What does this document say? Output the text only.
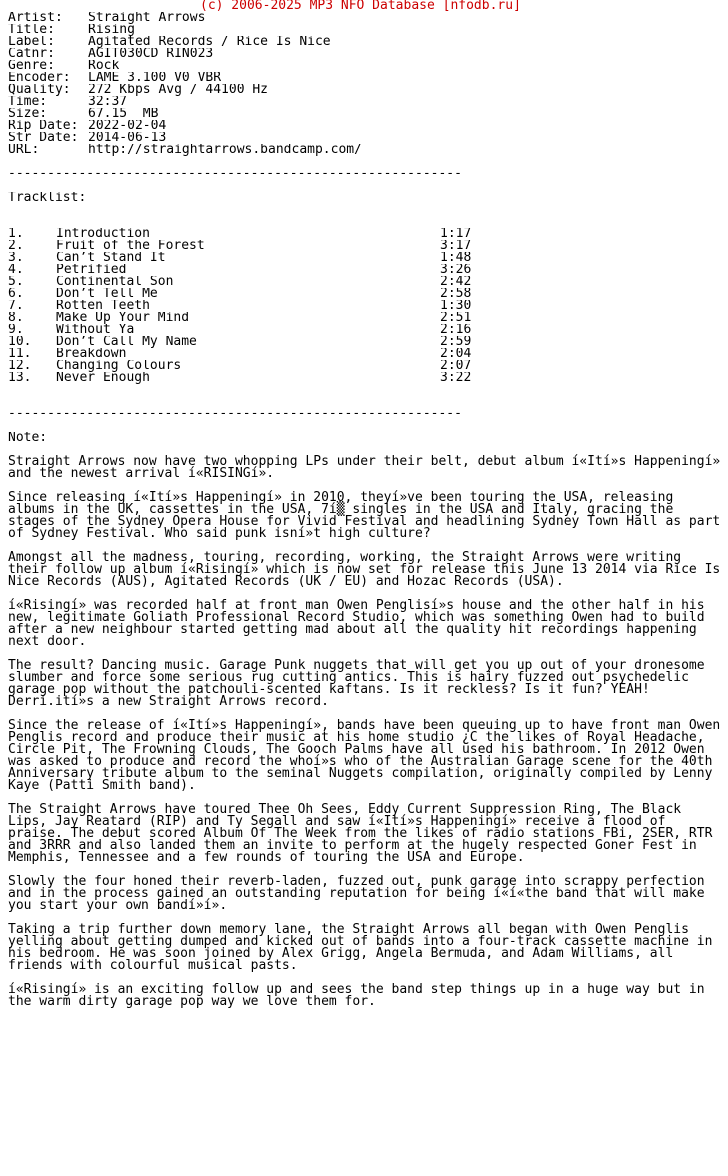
(c) 2006-2025 MP3 NFO Database [nfodb.ru]
Artist: Straight Arrows
Title:	Rising
Label:	Agitated Records / Rice Is Nice
Catnr:	AGIT030CD RIN023
Genre:	Rock
Encoder: LAME 3.100 V0 VBR
Quality: 272 Kbps Avg / 44100 Hz
Time:	32:37
Size:	67.15  MB
Rip Date: 2022-02-04
Str Date: 2014-06-13
URL:	http://straightarrows.bandcamp.com/
----------------------------------------------------------
Tracklist:
1. Introduction	1:17
2. Fruit of the Forest	3:17
3. Can’t Stand It	1:48
4. Petrified	3:26
5. Continental Son	2:42
6. Don’t Tell Me	2:58
7. Rotten Teeth	1:30
8. Make Up Your Mind	2:51
9. Without Ya	2:16
10. Don’t Call My Name	2:59
11. Breakdown	2:04
12. Changing Colours	2:07
13. Never Enough	3:22
----------------------------------------------------------
Note:
Straight Arrows now have two whopping LPs under their belt, debut album í«Ití»s Happeningí» and the newest arrival í«RISINGí».
Since releasing í«Ití»s Happeningí» in 2010, theyí»ve been touring the USA, releasing albums in the UK, cassettes in the USA, 7í▒ singles in the USA and Italy, gracing the stages of the Sydney Opera House for Vivid Festival and headlining Sydney Town Hall as part of Sydney Festival. Who said punk isní»t high culture?
Amongst all the madness, touring, recording, working, the Straight Arrows were writing their follow up album í«Risingí» which is now set for release this June 13 2014 via Rice Is Nice Records (AUS), Agitated Records (UK / EU) and Hozac Records (USA).
í«Risingí» was recorded half at front man Owen Penglisí»s house and the other half in his new, legitimate Goliath Professional Record Studio, which was something Owen had to build after a new neighbour started getting mad about all the quality hit recordings happening next door.
The result? Dancing music. Garage Punk nuggets that will get you up out of your dronesome slumber and force some serious rug cutting antics. This is hairy fuzzed out psychedelic garage pop without the patchouli-scented kaftans. Is it reckless? Is it fun? YEAH! Derrí.ití»s a new Straight Arrows record.
Since the release of í«Ití»s Happeningí», bands have been queuing up to have front man Owen Penglis record and produce their music at his home studio ¿C the likes of Royal Headache, Circle Pit, The Frowning Clouds, The Gooch Palms have all used his bathroom. In 2012 Owen was asked to produce and record the whoí»s who of the Australian Garage scene for the 40th Anniversary tribute album to the seminal Nuggets compilation, originally compiled by Lenny Kaye (Patti Smith band).
The Straight Arrows have toured Thee Oh Sees, Eddy Current Suppression Ring, The Black Lips, Jay Reatard (RIP) and Ty Segall and saw í«Ití»s Happeningí» receive a flood of praise. The debut scored Album Of The Week from the likes of radio stations FBi, 2SER, RTR and 3RRR and also landed them an invite to perform at the hugely respected Goner Fest in Memphis, Tennessee and a few rounds of touring the USA and Europe.
Slowly the four honed their reverb-laden, fuzzed out, punk garage into scrappy perfection and in the process gained an outstanding reputation for being í«í«the band that will make you start your own bandí»í».
Taking a trip further down memory lane, the Straight Arrows all began with Owen Penglis yelling about getting dumped and kicked out of bands into a four-track cassette machine in his bedroom. He was soon joined by Alex Grigg, Angela Bermuda, and Adam Williams, all friends with colourful musical pasts.
í«Risingí» is an exciting follow up and sees the band step things up in a huge way but in the warm dirty garage pop way we love them for.
